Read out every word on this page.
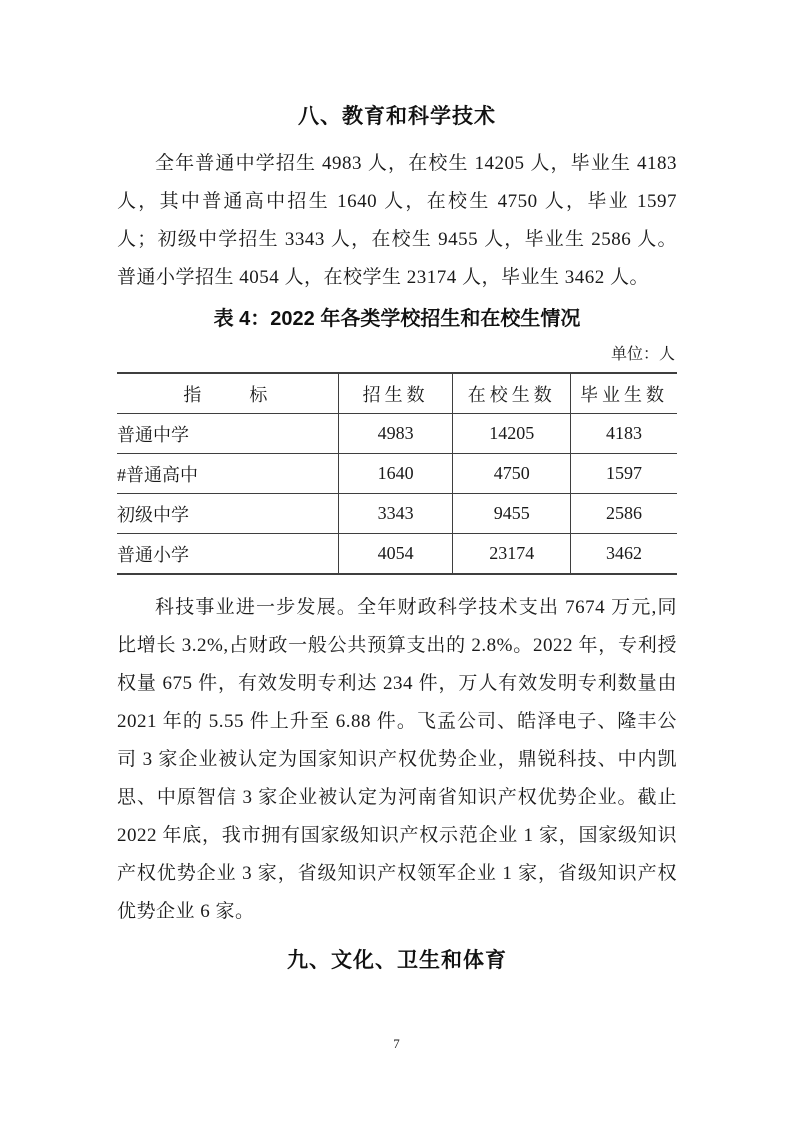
八、教育和科学技术

全年普通中学招生 4983 人，在校生 14205 人，毕业生 4183 人，其中普通高中招生 1640 人，在校生 4750 人，毕业 1597 人；初级中学招生 3343 人，在校生 9455 人，毕业生 2586 人。普通小学招生 4054 人，在校学生 23174 人，毕业生 3462 人。

表 4：2022 年各类学校招生和在校生情况
单位：人
指　　标	招生数	在校生数	毕业生数
普通中学	4983	14205	4183
#普通高中	1640	4750	1597
初级中学	3343	9455	2586
普通小学	4054	23174	3462

科技事业进一步发展。全年财政科学技术支出 7674 万元,同比增长 3.2%,占财政一般公共预算支出的 2.8%。2022 年，专利授权量 675 件，有效发明专利达 234 件，万人有效发明专利数量由 2021 年的 5.55 件上升至 6.88 件。飞孟公司、皓泽电子、隆丰公司 3 家企业被认定为国家知识产权优势企业，鼎锐科技、中内凯思、中原智信 3 家企业被认定为河南省知识产权优势企业。截止 2022 年底，我市拥有国家级知识产权示范企业 1 家，国家级知识产权优势企业 3 家，省级知识产权领军企业 1 家，省级知识产权优势企业 6 家。

九、文化、卫生和体育
7
